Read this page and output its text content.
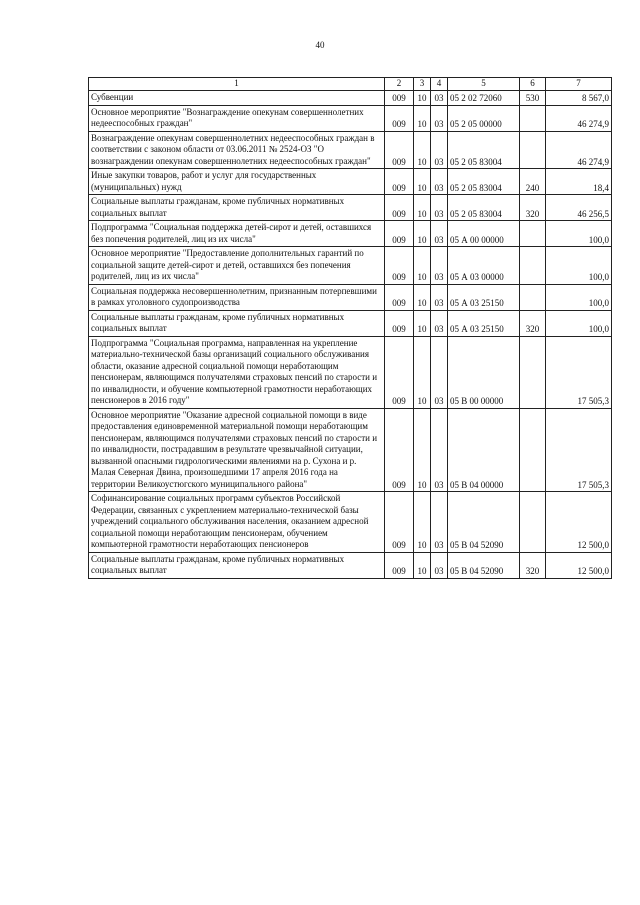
40
1	2	3	4	5	6	7
Субвенции	009	10	03	05 2 02 72060	530	8 567,0
Основное мероприятие "Вознаграждение опекунам совершеннолетних недееспособных граждан"	009	10	03	05 2 05 00000		46 274,9
Вознаграждение опекунам совершеннолетних недееспособных граждан в соответствии с законом области от 03.06.2011 № 2524-ОЗ "О вознаграждении опекунам совершеннолетних недееспособных граждан"	009	10	03	05 2 05 83004		46 274,9
Иные закупки товаров, работ и услуг для государственных (муниципальных) нужд	009	10	03	05 2 05 83004	240	18,4
Социальные выплаты гражданам, кроме публичных нормативных социальных выплат	009	10	03	05 2 05 83004	320	46 256,5
Подпрограмма "Социальная поддержка детей-сирот и детей, оставшихся без попечения родителей, лиц из их числа"	009	10	03	05 А 00 00000		100,0
Основное мероприятие "Предоставление дополнительных гарантий по социальной защите детей-сирот и детей, оставшихся без попечения родителей, лиц из их числа"	009	10	03	05 А 03 00000		100,0
Социальная поддержка несовершеннолетним, признанным потерпевшими в рамках уголовного судопроизводства	009	10	03	05 А 03 25150		100,0
Социальные выплаты гражданам, кроме публичных нормативных социальных выплат	009	10	03	05 А 03 25150	320	100,0
Подпрограмма "Социальная программа, направленная на укрепление материально-технической базы организаций социального обслуживания области, оказание адресной социальной помощи неработающим пенсионерам, являющимся получателями страховых пенсий по старости и по инвалидности, и обучение компьютерной грамотности неработающих пенсионеров в 2016 году"	009	10	03	05 В 00 00000		17 505,3
Основное мероприятие "Оказание адресной социальной помощи в виде предоставления единовременной материальной помощи неработающим пенсионерам, являющимся получателями страховых пенсий по старости и по инвалидности, пострадавшим в результате чрезвычайной ситуации, вызванной опасными гидрологическими явлениями на р. Сухона и р. Малая Северная Двина, произошедшими 17 апреля 2016 года на территории Великоустюгского муниципального района"	009	10	03	05 В 04 00000		17 505,3
Софинансирование социальных программ субъектов Российской Федерации, связанных с укреплением материально-технической базы учреждений социального обслуживания населения, оказанием адресной социальной помощи неработающим пенсионерам, обучением компьютерной грамотности неработающих пенсионеров	009	10	03	05 В 04 52090		12 500,0
Социальные выплаты гражданам, кроме публичных нормативных социальных выплат	009	10	03	05 В 04 52090	320	12 500,0
